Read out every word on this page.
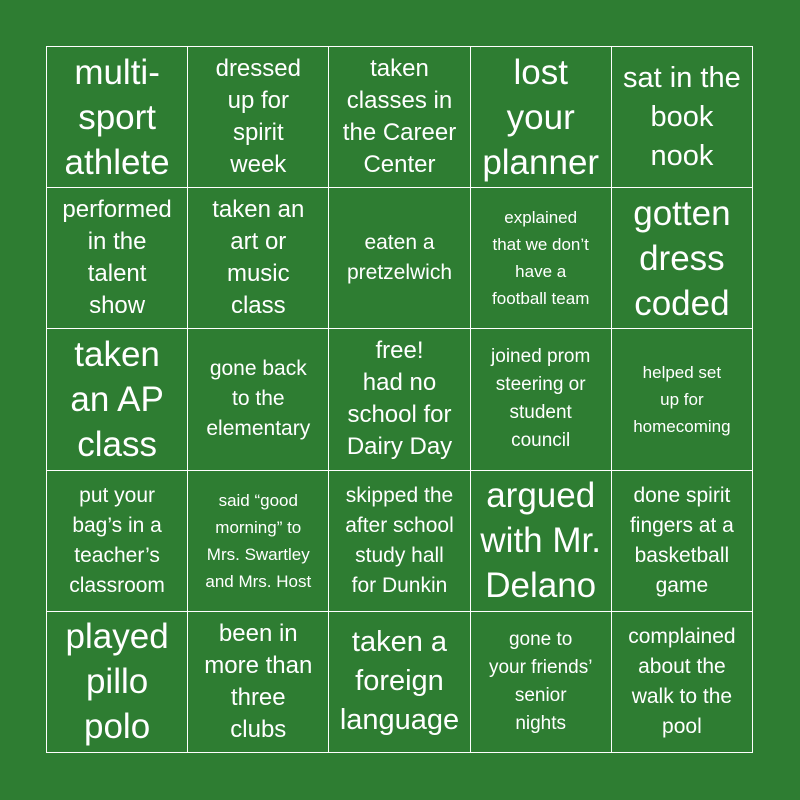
multi-
sport
athlete
dressed
up for
spirit
week
taken
classes in
the Career
Center
lost
your
planner
sat in the
book
nook
performed
in the
talent
show
taken an
art or
music
class
eaten a
pretzelwich
explained
that we don’t
have a
football team
gotten
dress
coded
taken
an AP
class
gone back
to the
elementary
free!
had no
school for
Dairy Day
joined prom
steering or
student
council
helped set
up for
homecoming
put your
bag’s in a
teacher’s
classroom
said “good
morning” to
Mrs. Swartley
and Mrs. Host
skipped the
after school
study hall
for Dunkin
argued
with Mr.
Delano
done spirit
fingers at a
basketball
game
played
pillo
polo
been in
more than
three
clubs
taken a
foreign
language
gone to
your friends’
senior
nights
complained
about the
walk to the
pool
